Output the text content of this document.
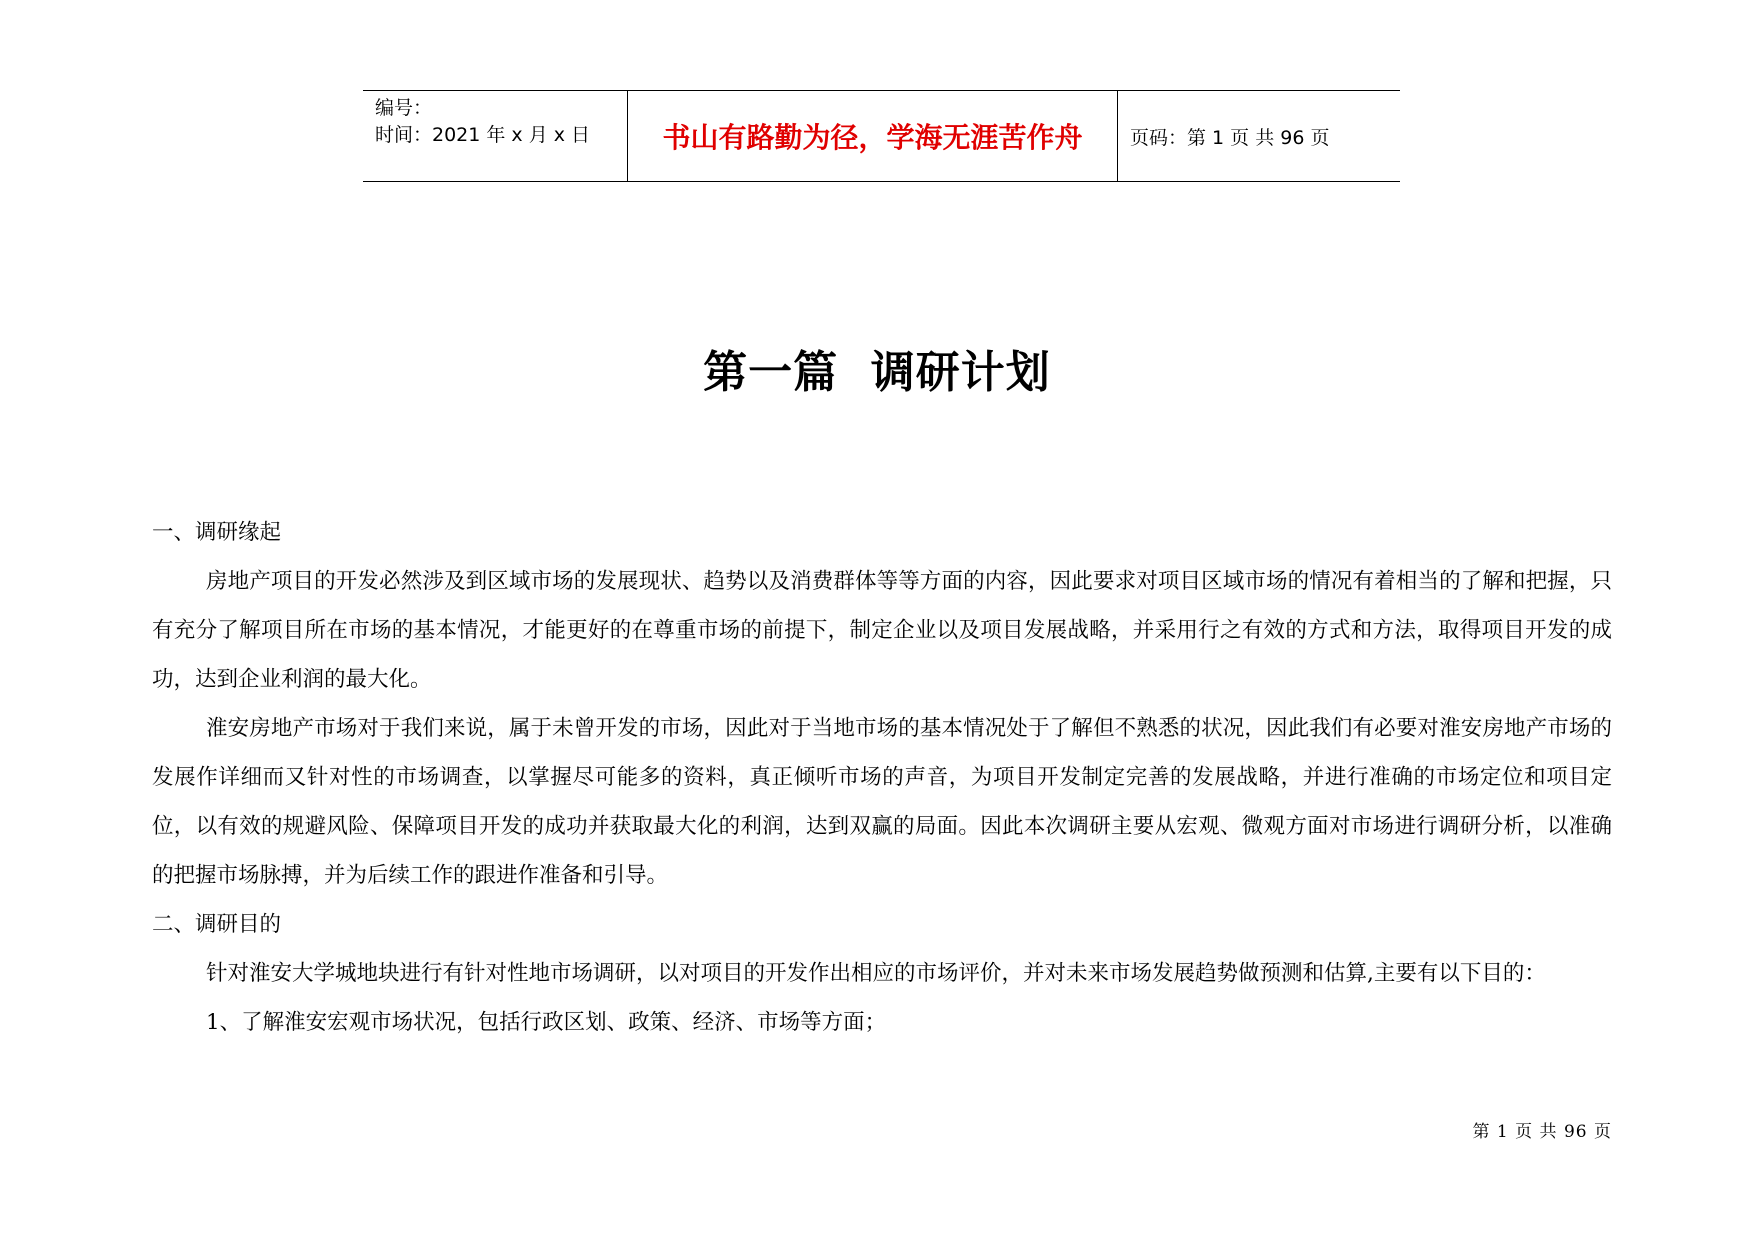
编号：
时间：2021 年 x 月 x 日	书山有路勤为径，学海无涯苦作舟	页码：第 1 页 共 96 页
第一篇  调研计划

一、调研缘起

房地产项目的开发必然涉及到区域市场的发展现状、趋势以及消费群体等等方面的内容，因此要求对项目区域市场的情况有着相当的了解和把握，只有充分了解项目所在市场的基本情况，才能更好的在尊重市场的前提下，制定企业以及项目发展战略，并采用行之有效的方式和方法，取得项目开发的成功，达到企业利润的最大化。

淮安房地产市场对于我们来说，属于未曾开发的市场，因此对于当地市场的基本情况处于了解但不熟悉的状况，因此我们有必要对淮安房地产市场的发展作详细而又针对性的市场调查，以掌握尽可能多的资料，真正倾听市场的声音，为项目开发制定完善的发展战略，并进行准确的市场定位和项目定位，以有效的规避风险、保障项目开发的成功并获取最大化的利润，达到双赢的局面。因此本次调研主要从宏观、微观方面对市场进行调研分析，以准确的把握市场脉搏，并为后续工作的跟进作准备和引导。

二、调研目的

针对淮安大学城地块进行有针对性地市场调研，以对项目的开发作出相应的市场评价，并对未来市场发展趋势做预测和估算,主要有以下目的：

1、了解淮安宏观市场状况，包括行政区划、政策、经济、市场等方面；

第 1 页 共 96 页
